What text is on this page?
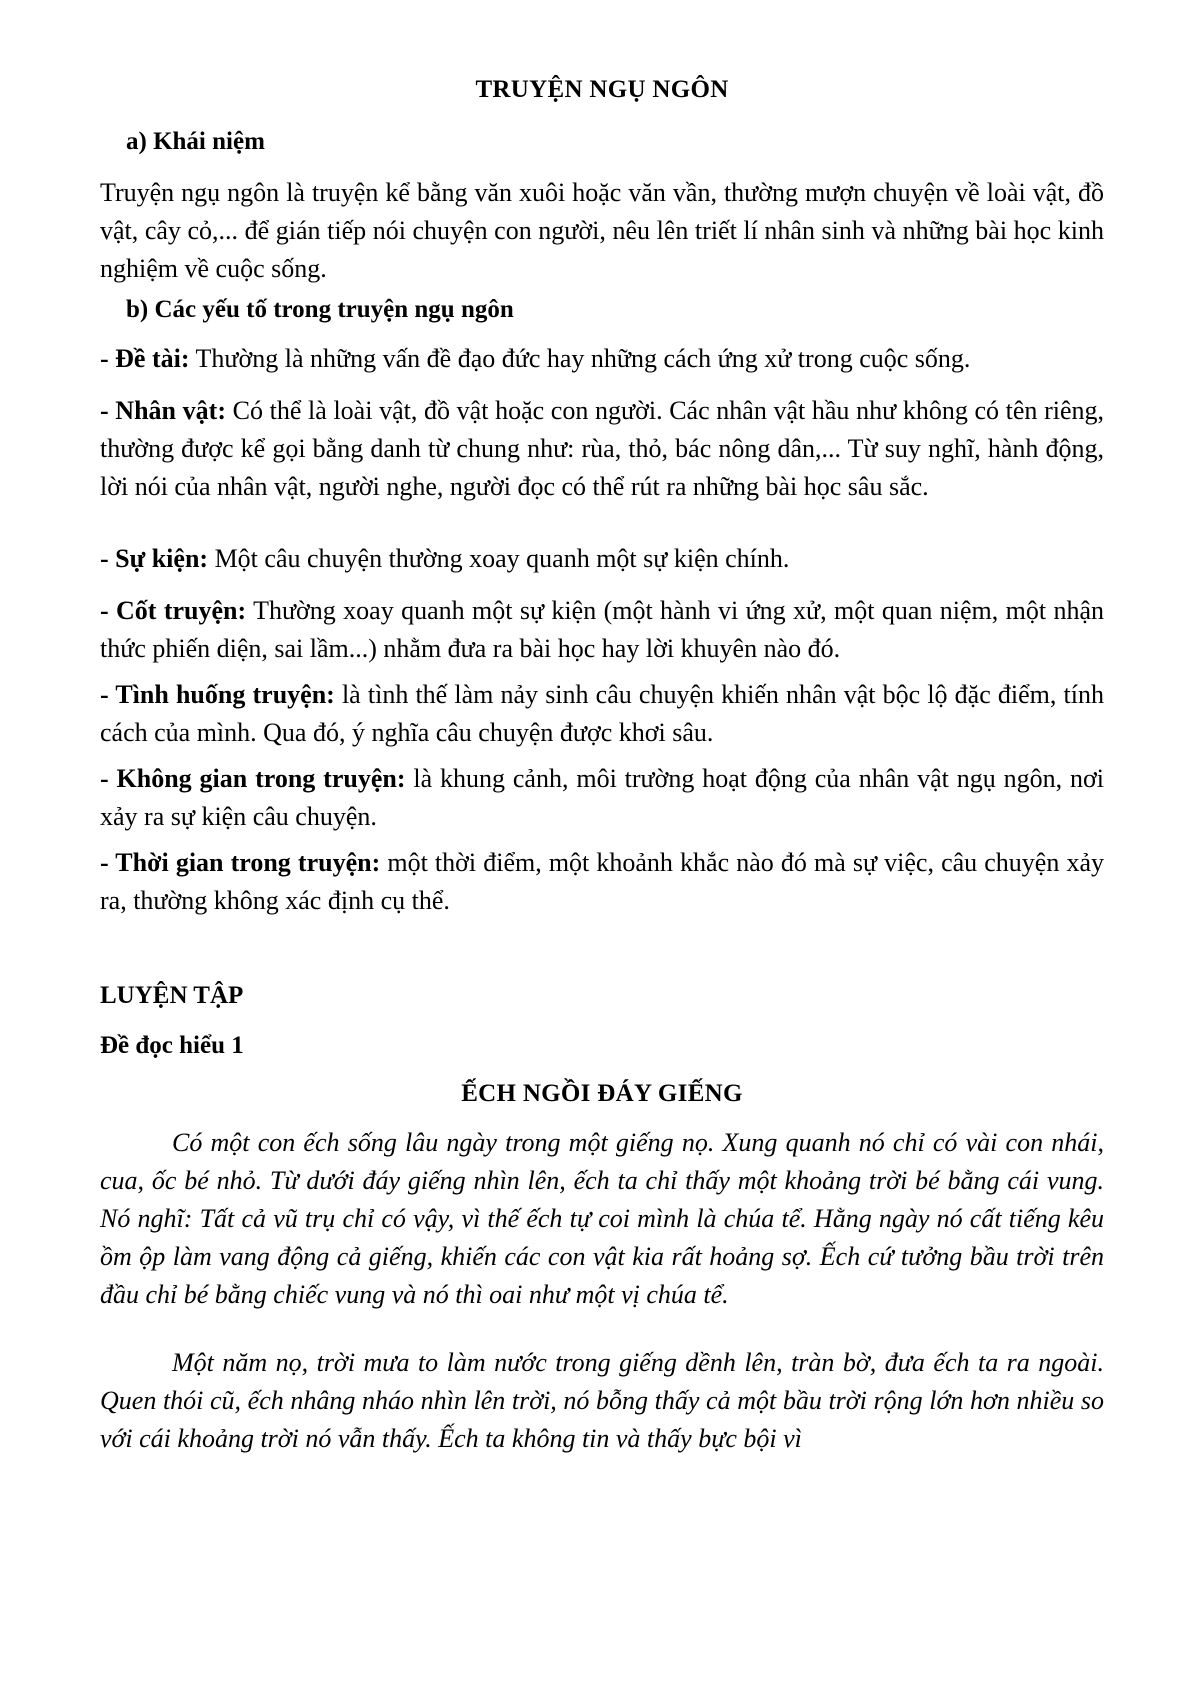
TRUYỆN NGỤ NGÔN
a) Khái niệm
Truyện ngụ ngôn là truyện kể bằng văn xuôi hoặc văn vần, thường mượn chuyện về loài vật, đồ vật, cây cỏ,... để gián tiếp nói chuyện con người, nêu lên triết lí nhân sinh và những bài học kinh nghiệm về cuộc sống.
b) Các yếu tố trong truyện ngụ ngôn
- Đề tài: Thường là những vấn đề đạo đức hay những cách ứng xử trong cuộc sống.
- Nhân vật: Có thể là loài vật, đồ vật hoặc con người. Các nhân vật hầu như không có tên riêng, thường được kể gọi bằng danh từ chung như: rùa, thỏ, bác nông dân,... Từ suy nghĩ, hành động, lời nói của nhân vật, người nghe, người đọc có thể rút ra những bài học sâu sắc.
- Sự kiện: Một câu chuyện thường xoay quanh một sự kiện chính.
- Cốt truyện: Thường xoay quanh một sự kiện (một hành vi ứng xử, một quan niệm, một nhận thức phiến diện, sai lầm...) nhằm đưa ra bài học hay lời khuyên nào đó.
- Tình huống truyện: là tình thế làm nảy sinh câu chuyện khiến nhân vật bộc lộ đặc điểm, tính cách của mình. Qua đó, ý nghĩa câu chuyện được khơi sâu.
- Không gian trong truyện: là khung cảnh, môi trường hoạt động của nhân vật ngụ ngôn, nơi xảy ra sự kiện câu chuyện.
- Thời gian trong truyện: một thời điểm, một khoảnh khắc nào đó mà sự việc, câu chuyện xảy ra, thường không xác định cụ thể.
LUYỆN TẬP
Đề đọc hiểu 1
ẾCH NGỒI ĐÁY GIẾNG
Có một con ếch sống lâu ngày trong một giếng nọ. Xung quanh nó chỉ có vài con nhái, cua, ốc bé nhỏ. Từ dưới đáy giếng nhìn lên, ếch ta chỉ thấy một khoảng trời bé bằng cái vung. Nó nghĩ: Tất cả vũ trụ chỉ có vậy, vì thế ếch tự coi mình là chúa tể. Hằng ngày nó cất tiếng kêu ồm ộp làm vang động cả giếng, khiến các con vật kia rất hoảng sợ. Ếch cứ tưởng bầu trời trên đầu chỉ bé bằng chiếc vung và nó thì oai như một vị chúa tể.
Một năm nọ, trời mưa to làm nước trong giếng dềnh lên, tràn bờ, đưa ếch ta ra ngoài. Quen thói cũ, ếch nhâng nháo nhìn lên trời, nó bỗng thấy cả một bầu trời rộng lớn hơn nhiều so với cái khoảng trời nó vẫn thấy. Ếch ta không tin và thấy bực bội vì
